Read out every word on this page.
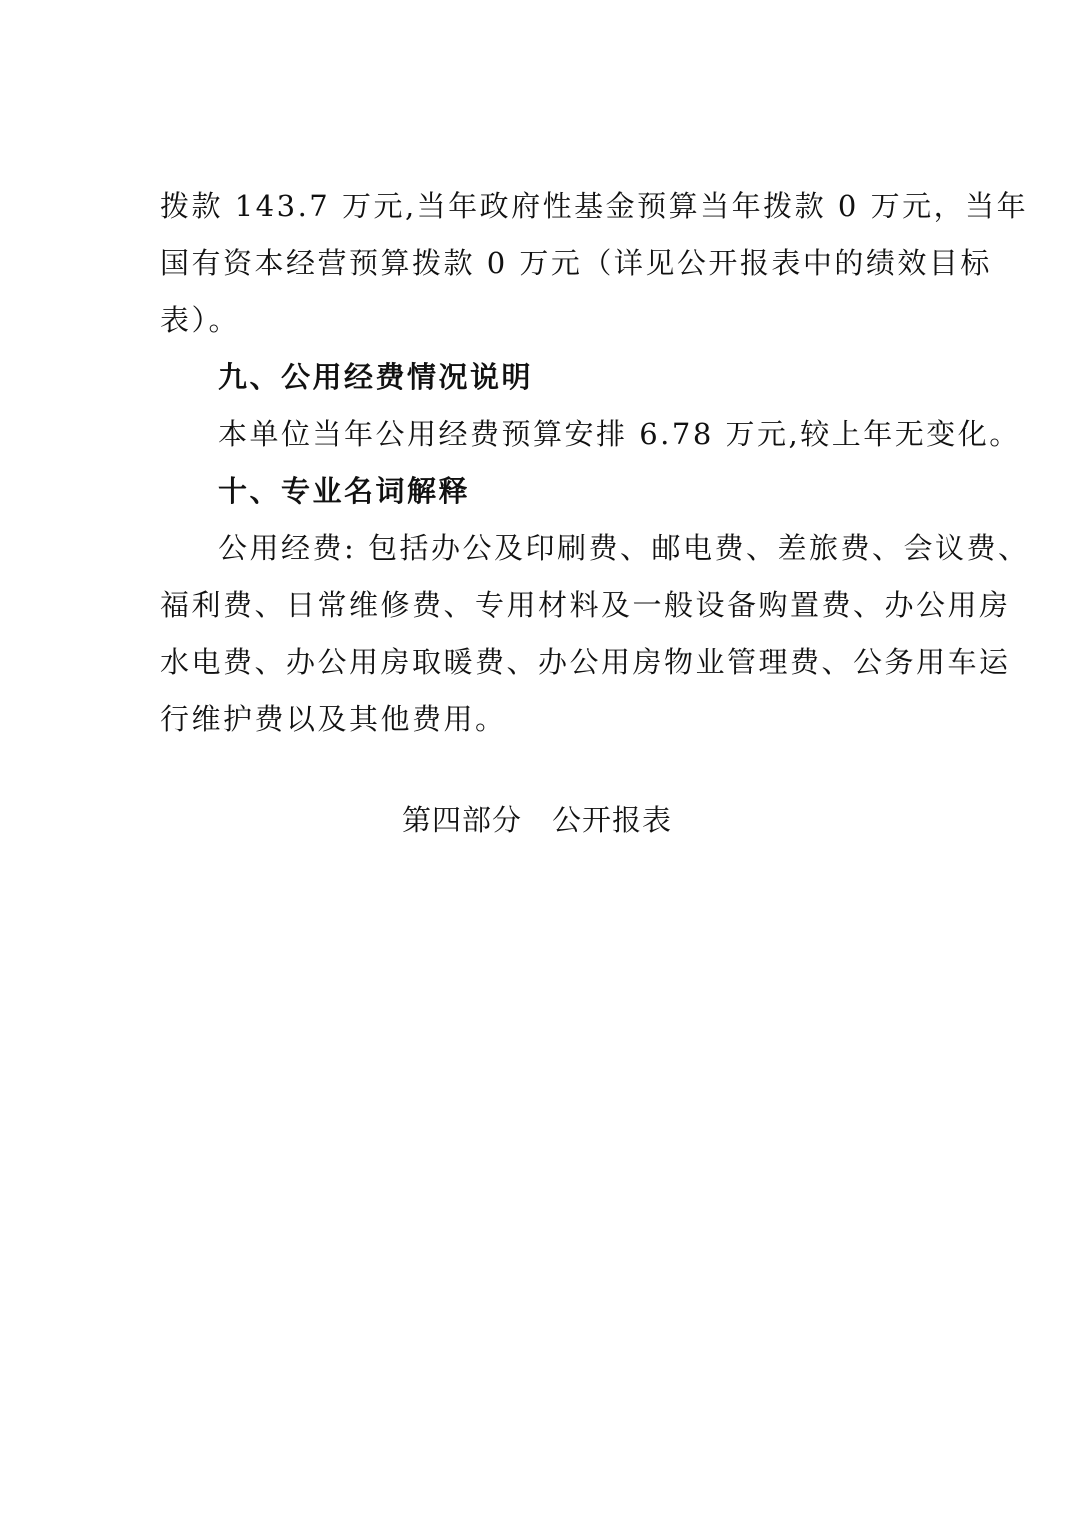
拨款 143.7 万元,当年政府性基金预算当年拨款 0 万元，当年
国有资本经营预算拨款 0 万元（详见公开报表中的绩效目标
表）。
九、公用经费情况说明
本单位当年公用经费预算安排 6.78 万元,较上年无变化。
十、专业名词解释
公用经费: 包括办公及印刷费、邮电费、差旅费、会议费、
福利费、日常维修费、专用材料及一般设备购置费、办公用房
水电费、办公用房取暖费、办公用房物业管理费、公务用车运
行维护费以及其他费用。
第四部分　公开报表
